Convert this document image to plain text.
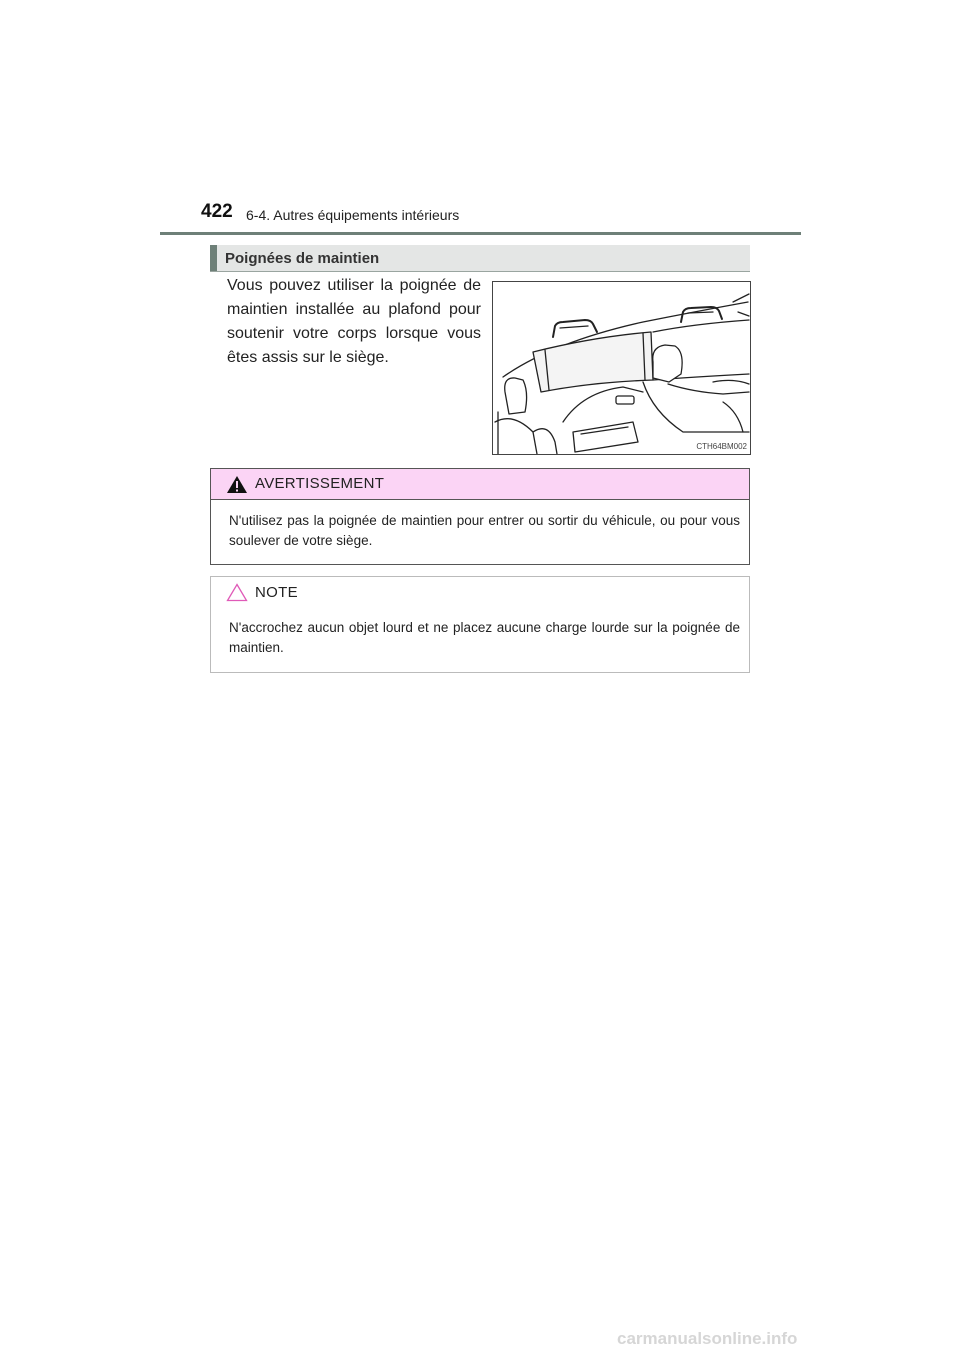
422 6-4. Autres équipements intérieurs
Poignées de maintien

Vous pouvez utiliser la poignée de maintien installée au plafond pour soutenir votre corps lorsque vous êtes assis sur le siège.

CTH64BM002
AVERTISSEMENT
N'utilisez pas la poignée de maintien pour entrer ou sortir du véhicule, ou pour vous soulever de votre siège.
NOTE
N'accrochez aucun objet lourd et ne placez aucune charge lourde sur la poignée de maintien.
carmanualsonline.info
